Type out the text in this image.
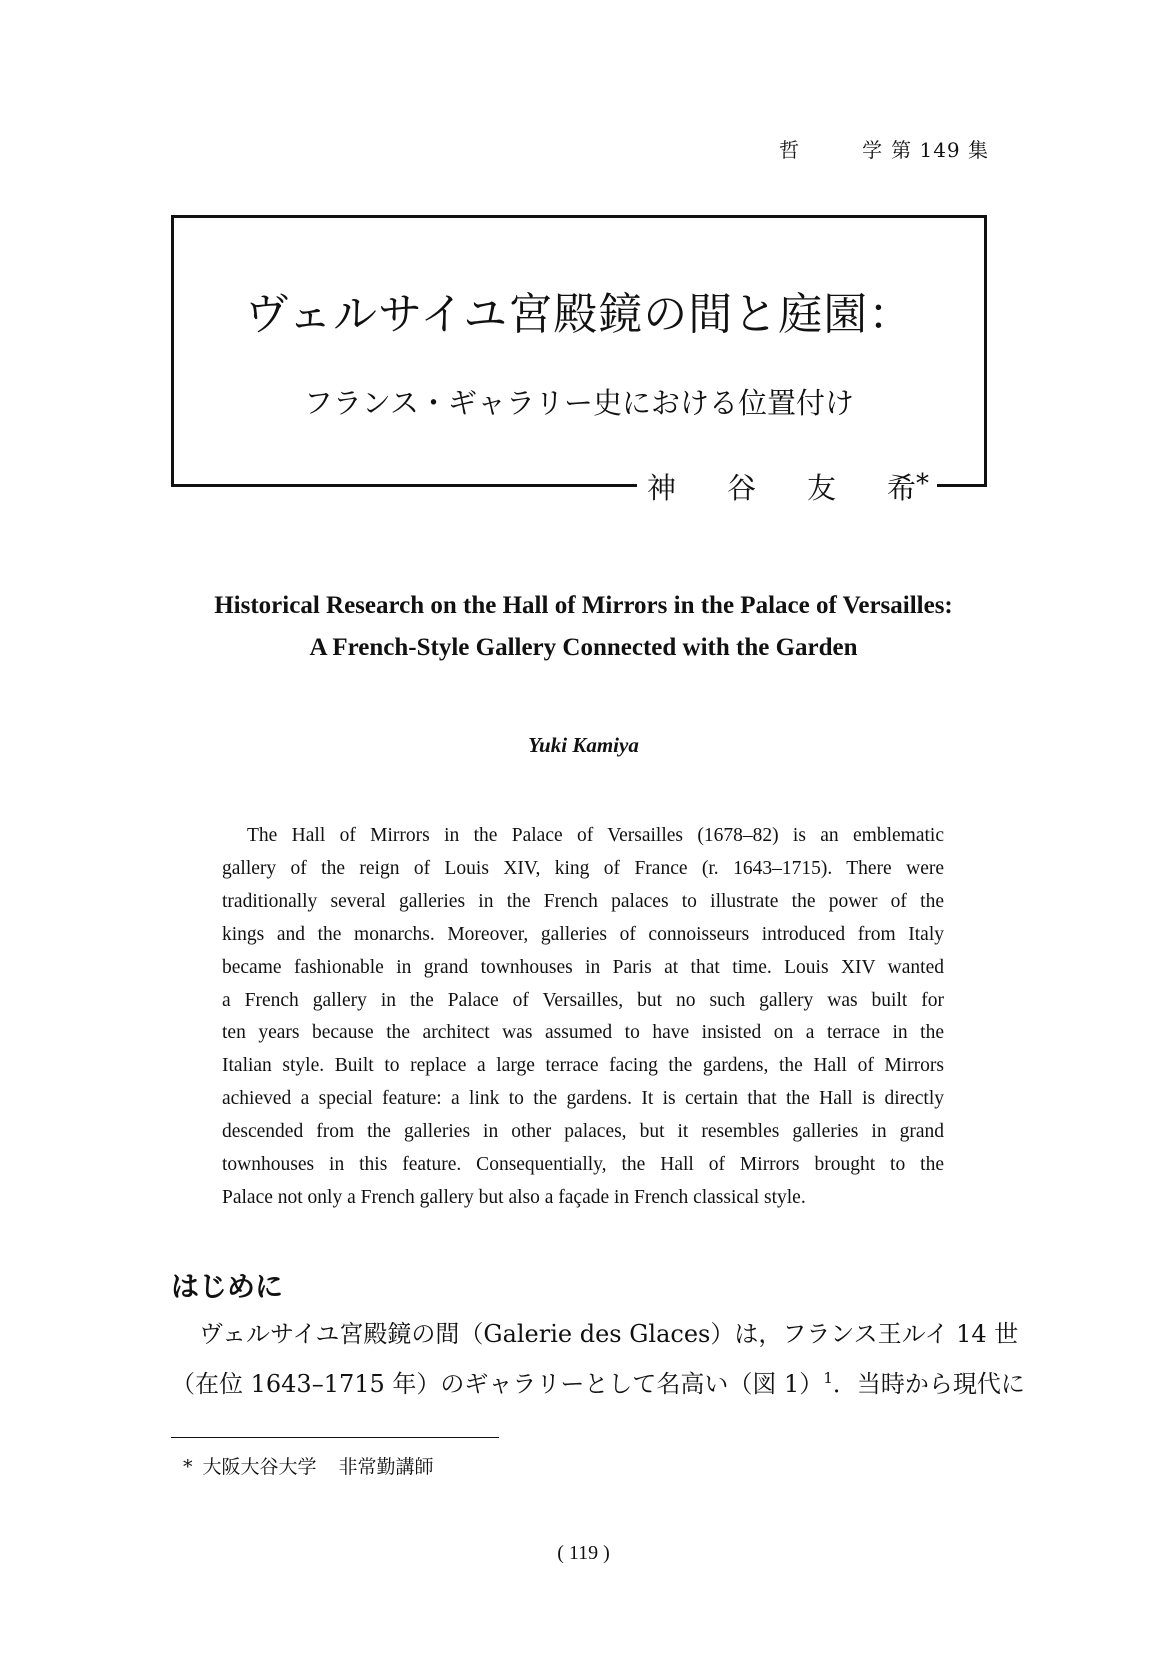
哲	学 第 149 集
ヴェルサイユ宮殿鏡の間と庭園：

フランス・ギャラリー史における位置付け

神 谷 友 希*
Historical Research on the Hall of Mirrors in the Palace of Versailles:
A French-Style Gallery Connected with the Garden
Yuki Kamiya
The Hall of Mirrors in the Palace of Versailles (1678–82) is an emblematic
gallery of the reign of Louis XIV, king of France (r. 1643–1715). There were
traditionally several galleries in the French palaces to illustrate the power of the
kings and the monarchs. Moreover, galleries of connoisseurs introduced from Italy
became fashionable in grand townhouses in Paris at that time. Louis XIV wanted
a French gallery in the Palace of Versailles, but no such gallery was built for
ten years because the architect was assumed to have insisted on a terrace in the
Italian style. Built to replace a large terrace facing the gardens, the Hall of Mirrors
achieved a special feature: a link to the gardens. It is certain that the Hall is directly
descended from the galleries in other palaces, but it resembles galleries in grand
townhouses in this feature. Consequentially, the Hall of Mirrors brought to the
Palace not only a French gallery but also a façade in French classical style.
はじめに
ヴェルサイユ宮殿鏡の間（Galerie des Glaces）は，フランス王ルイ 14 世
（在位 1643–1715 年）のギャラリーとして名高い（図 1）$^1$．当時から現代に
* 大阪大谷大学 非常勤講師
( 119 )
